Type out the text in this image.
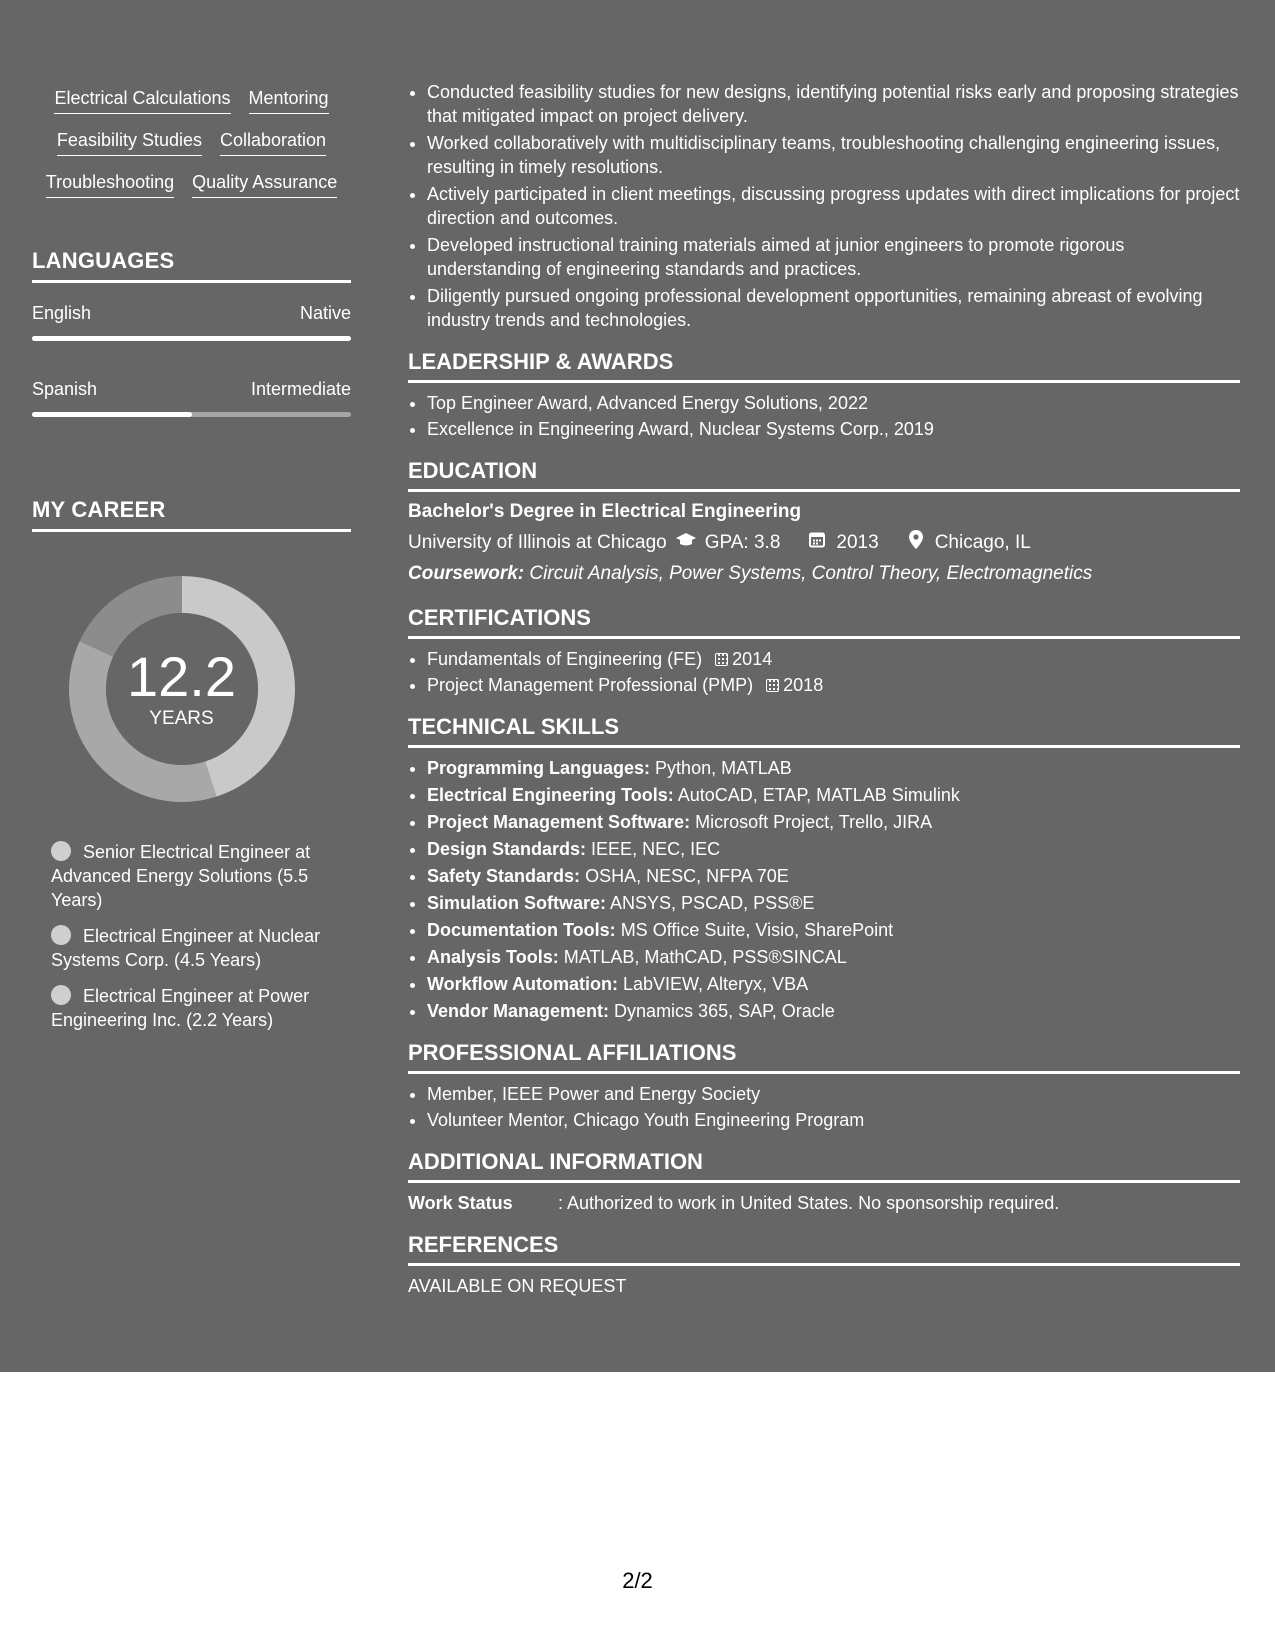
Electrical Calculations Mentoring
Feasibility Studies Collaboration
Troubleshooting Quality Assurance
LANGUAGES
English	Native
Spanish	Intermediate
MY CAREER
12.2
YEARS
Senior Electrical Engineer at Advanced Energy Solutions (5.5 Years)
Electrical Engineer at Nuclear Systems Corp. (4.5 Years)
Electrical Engineer at Power Engineering Inc. (2.2 Years)
• Conducted feasibility studies for new designs, identifying potential risks early and proposing strategies that mitigated impact on project delivery.
• Worked collaboratively with multidisciplinary teams, troubleshooting challenging engineering issues, resulting in timely resolutions.
• Actively participated in client meetings, discussing progress updates with direct implications for project direction and outcomes.
• Developed instructional training materials aimed at junior engineers to promote rigorous understanding of engineering standards and practices.
• Diligently pursued ongoing professional development opportunities, remaining abreast of evolving industry trends and technologies.
LEADERSHIP & AWARDS
• Top Engineer Award, Advanced Energy Solutions, 2022
• Excellence in Engineering Award, Nuclear Systems Corp., 2019
EDUCATION
Bachelor's Degree in Electrical Engineering
University of Illinois at Chicago GPA: 3.8	2013	Chicago, IL
Coursework: Circuit Analysis, Power Systems, Control Theory, Electromagnetics
CERTIFICATIONS
• Fundamentals of Engineering (FE) 2014
• Project Management Professional (PMP) 2018
TECHNICAL SKILLS
• Programming Languages: Python, MATLAB
• Electrical Engineering Tools: AutoCAD, ETAP, MATLAB Simulink
• Project Management Software: Microsoft Project, Trello, JIRA
• Design Standards: IEEE, NEC, IEC
• Safety Standards: OSHA, NESC, NFPA 70E
• Simulation Software: ANSYS, PSCAD, PSS®E
• Documentation Tools: MS Office Suite, Visio, SharePoint
• Analysis Tools: MATLAB, MathCAD, PSS®SINCAL
• Workflow Automation: LabVIEW, Alteryx, VBA
• Vendor Management: Dynamics 365, SAP, Oracle
PROFESSIONAL AFFILIATIONS
• Member, IEEE Power and Energy Society
• Volunteer Mentor, Chicago Youth Engineering Program
ADDITIONAL INFORMATION
Work Status	: Authorized to work in United States. No sponsorship required.
REFERENCES
AVAILABLE ON REQUEST
2/2
